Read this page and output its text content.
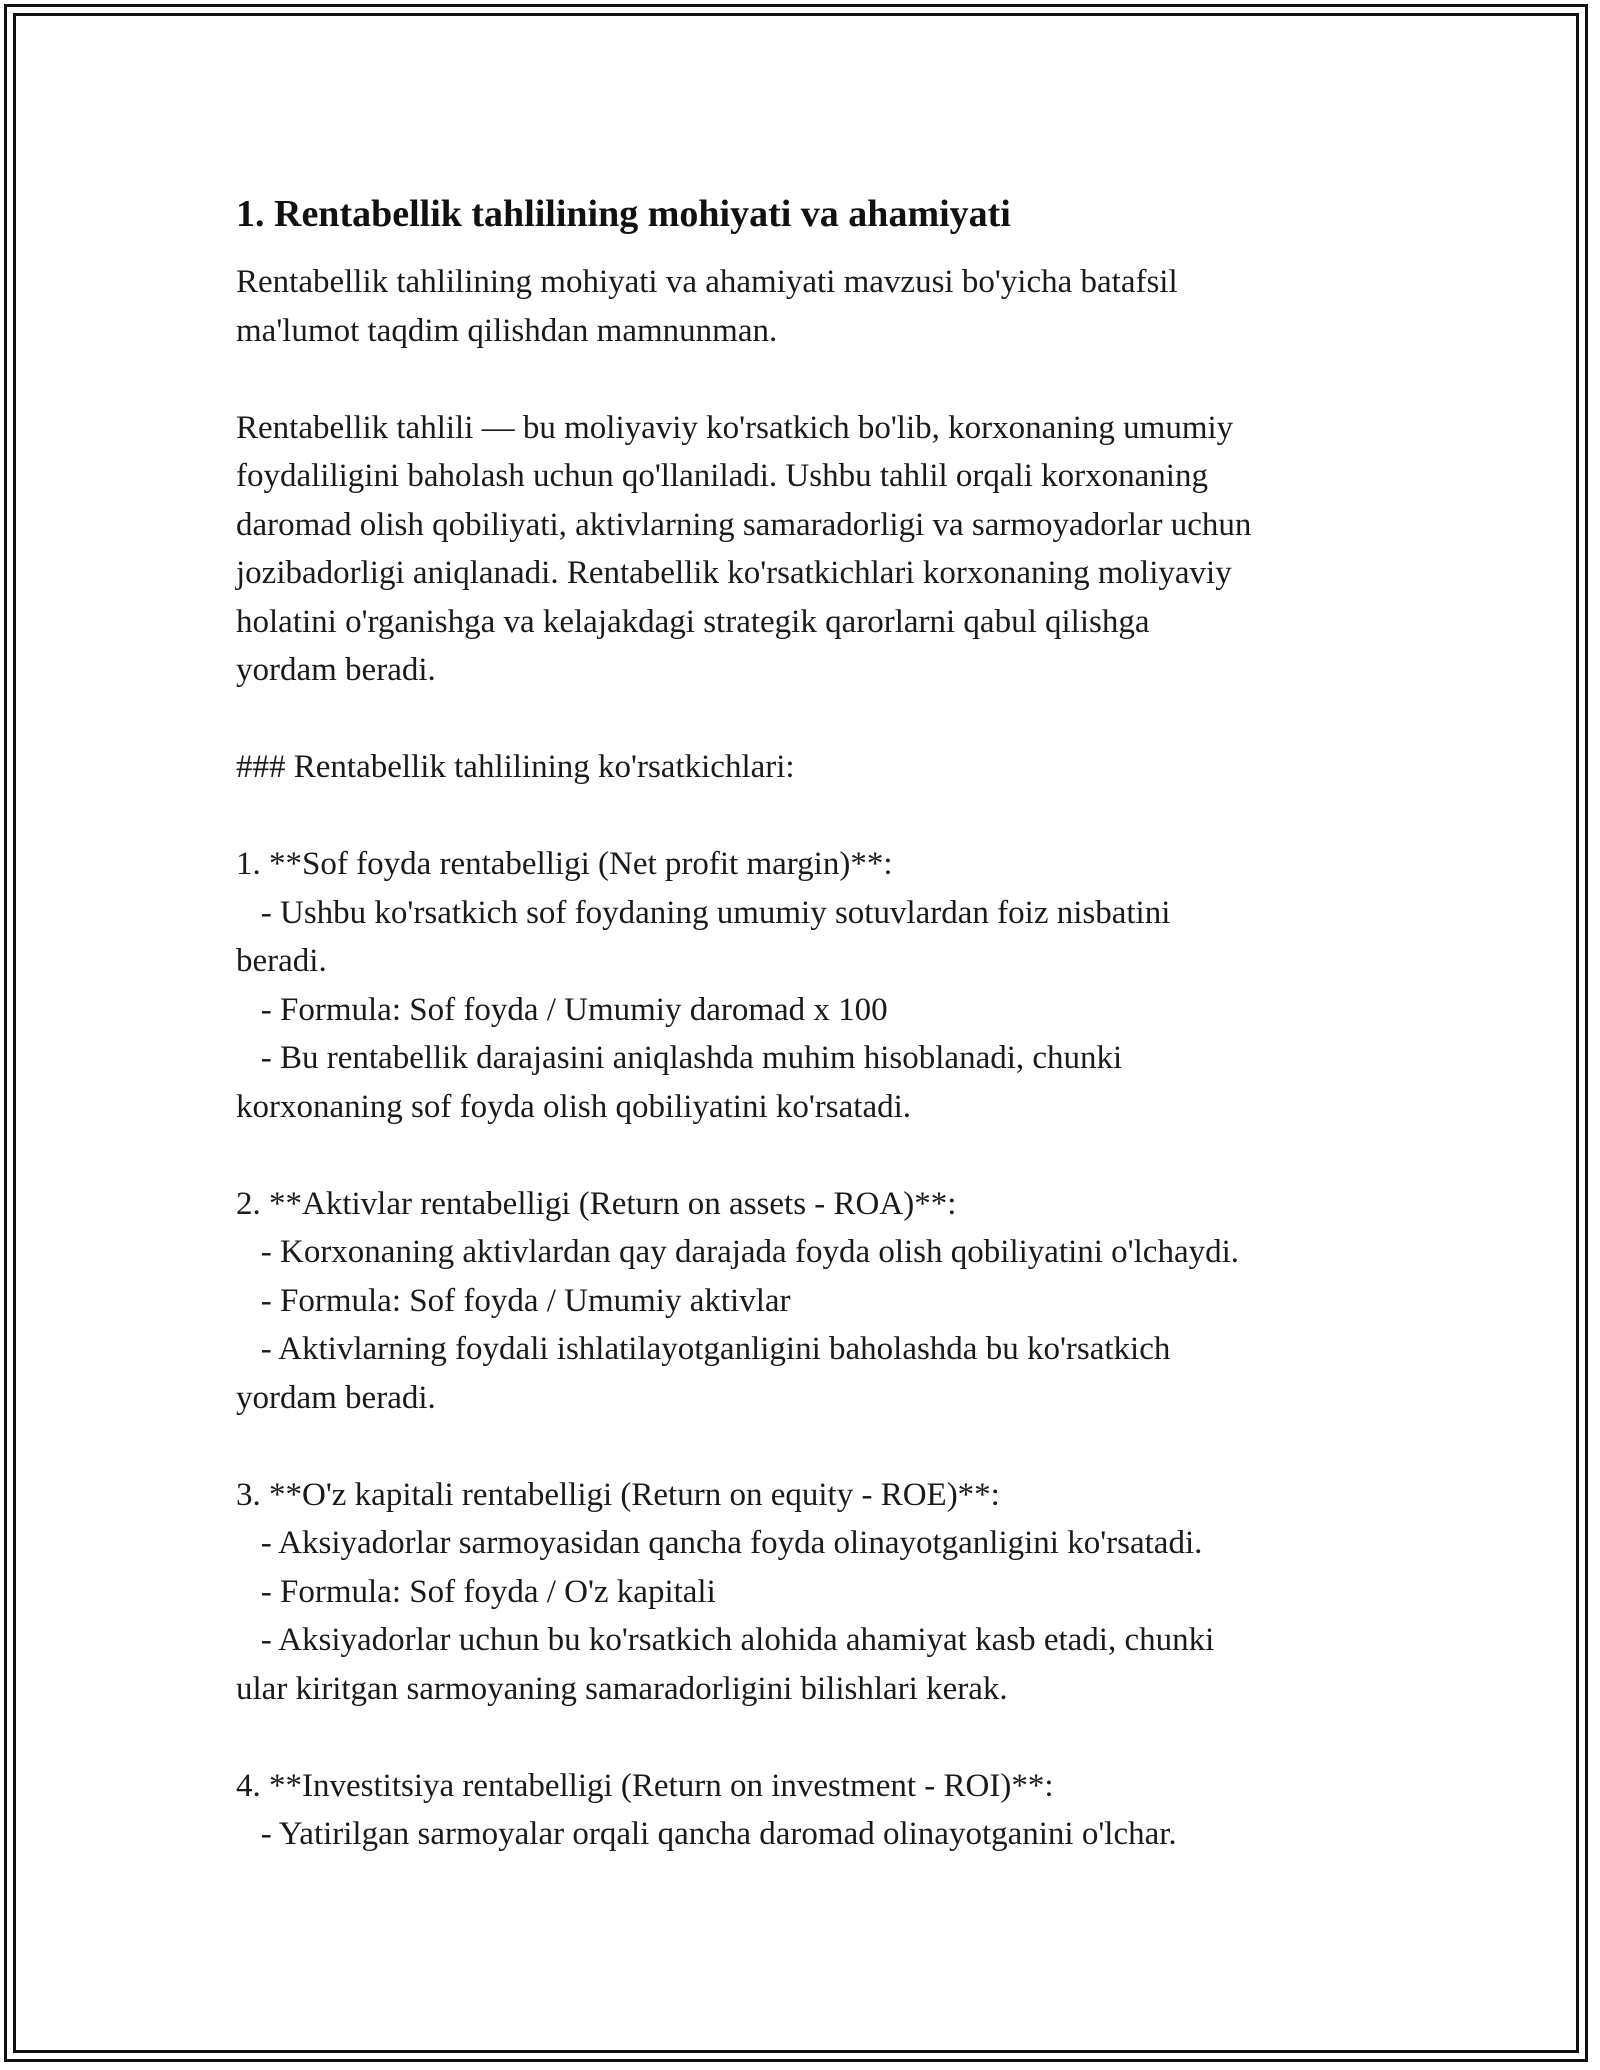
1. Rentabellik tahlilining mohiyati va ahamiyati

Rentabellik tahlilining mohiyati va ahamiyati mavzusi bo'yicha batafsil
ma'lumot taqdim qilishdan mamnunman.

Rentabellik tahlili — bu moliyaviy ko'rsatkich bo'lib, korxonaning umumiy
foydaliligini baholash uchun qo'llaniladi. Ushbu tahlil orqali korxonaning
daromad olish qobiliyati, aktivlarning samaradorligi va sarmoyadorlar uchun
jozibadorligi aniqlanadi. Rentabellik ko'rsatkichlari korxonaning moliyaviy
holatini o'rganishga va kelajakdagi strategik qarorlarni qabul qilishga
yordam beradi.

### Rentabellik tahlilining ko'rsatkichlari:

1. **Sof foyda rentabelligi (Net profit margin)**:
- Ushbu ko'rsatkich sof foydaning umumiy sotuvlardan foiz nisbatini
beradi.
- Formula: Sof foyda / Umumiy daromad x 100
- Bu rentabellik darajasini aniqlashda muhim hisoblanadi, chunki
korxonaning sof foyda olish qobiliyatini ko'rsatadi.

2. **Aktivlar rentabelligi (Return on assets - ROA)**:
- Korxonaning aktivlardan qay darajada foyda olish qobiliyatini o'lchaydi.
- Formula: Sof foyda / Umumiy aktivlar
- Aktivlarning foydali ishlatilayotganligini baholashda bu ko'rsatkich
yordam beradi.

3. **O'z kapitali rentabelligi (Return on equity - ROE)**:
- Aksiyadorlar sarmoyasidan qancha foyda olinayotganligini ko'rsatadi.
- Formula: Sof foyda / O'z kapitali
- Aksiyadorlar uchun bu ko'rsatkich alohida ahamiyat kasb etadi, chunki
ular kiritgan sarmoyaning samaradorligini bilishlari kerak.

4. **Investitsiya rentabelligi (Return on investment - ROI)**:
- Yatirilgan sarmoyalar orqali qancha daromad olinayotganini o'lchar.
